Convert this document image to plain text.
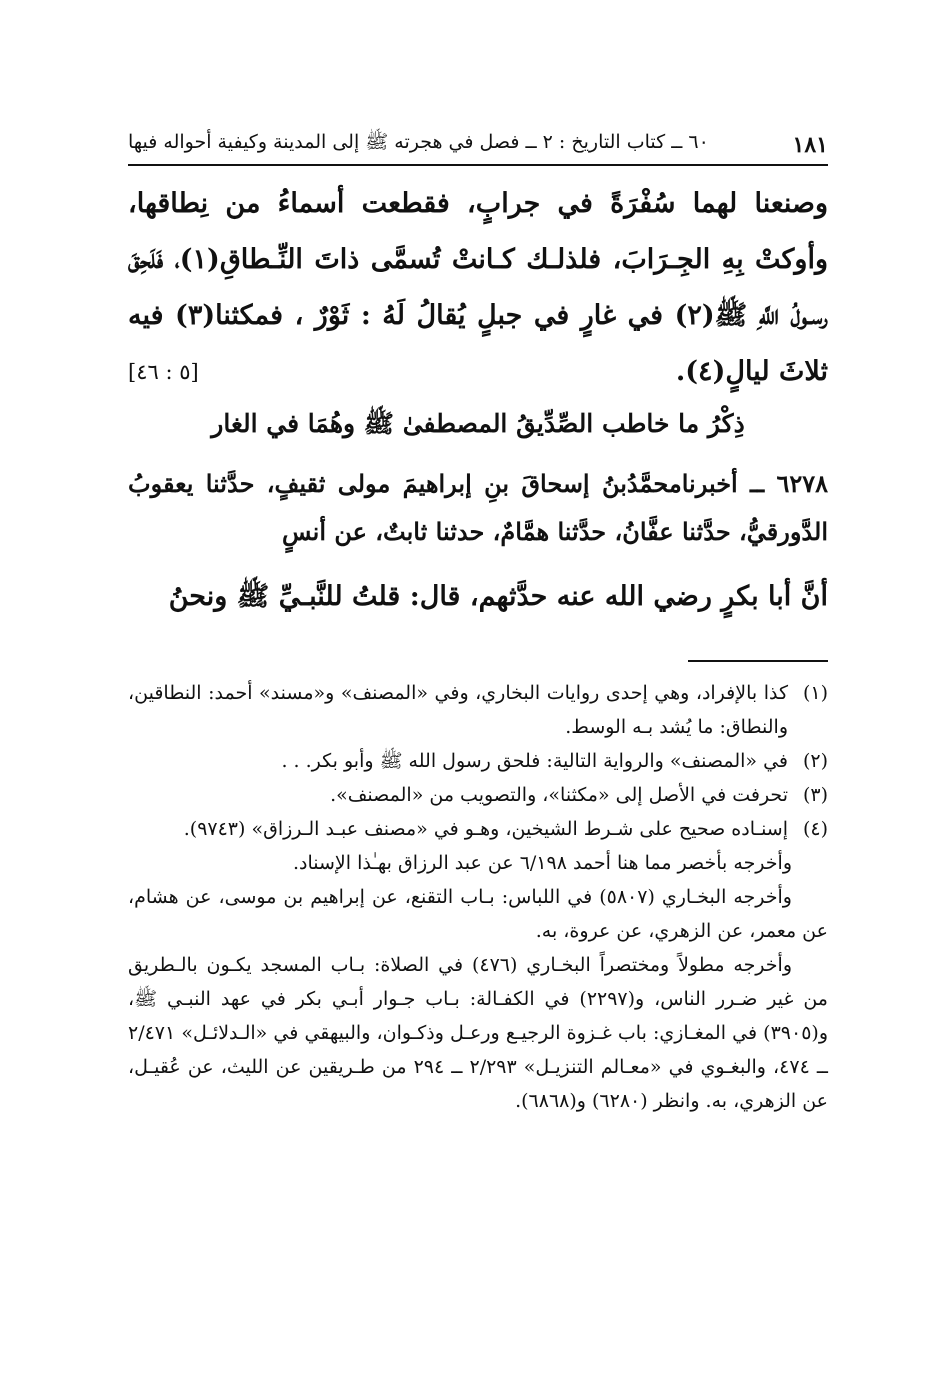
١٨١
٦٠ ــ كتاب التاريخ : ٢ ــ فصل في هجرته ﷺ إلى المدينة وكيفية أحواله فيها
وصنعنا لهما سُفْرَةً في جرابٍ، فقطعت أسماءُ من نِطاقها، وأوكتْ بِهِ الجِـرَابَ، فلذلـك كـانتْ تُسمَّى ذاتَ النِّـطاقِ(١)، فَلَحِقَ رسـولُ اللَّهِ ﷺ(٢) في غارٍ في جبلٍ يُقالُ لَهُ : ثَوْرٌ ، فمكثنا(٣) فيه ثلاثَ ليالٍ(٤).
[٥ : ٤٦]
ذِكْرُ ما خاطب الصِّدِّيقُ المصطفىٰ ﷺ وهُمَا في الغار
٦٢٧٨ ــ أخبرنامحمَّدُبنُ إسحاقَ بنِ إبراهيمَ مولى ثقيفٍ، حدَّثنا يعقوبُ الدَّورقيُّ، حدَّثنا عفَّانُ، حدَّثنا همَّامٌ، حدثنا ثابتٌ، عن أنسٍ
أنَّ أبا بكرٍ رضي الله عنه حدَّثهم، قال: قلتُ للنَّبـيِّ ﷺ ونحنُ
(١)
كذا بالإفراد، وهي إحدى روايات البخاري، وفي «المصنف» و«مسند» أحمد: النطاقين، والنطاق: ما يُشد بـه الوسط.
(٢)
في «المصنف» والرواية التالية: فلحق رسول الله ﷺ وأبو بكر. . .
(٣)
تحرفت في الأصل إلى «مكثنا»، والتصويب من «المصنف».
(٤)
إسنـاده صحيح على شـرط الشيخين، وهـو في «مصنف عبـد الـرزاق» (٩٧٤٣).
وأخرجه بأخصر مما هنا أحمد ٦/١٩٨ عن عبد الرزاق بهـٰذا الإسناد.
وأخرجه البخـاري (٥٨٠٧) في اللباس: بـاب التقنع، عن إبراهيم بن موسى، عن هشام، عن معمر، عن الزهري، عن عروة، به.
وأخرجه مطولاً ومختصراً البخـاري (٤٧٦) في الصلاة: بـاب المسجد يكـون بالـطريق من غير ضـرر الناس، و(٢٢٩٧) في الكفـالة: بـاب جـوار أبـي بكر في عهد النبـي ﷺ، و(٣٩٠٥) في المغـازي: باب غـزوة الرجيـع ورعـل وذكـوان، والبيهقي في «الـدلائـل» ٢/٤٧١ ــ ٤٧٤، والبغـوي في «معـالم التنزيـل» ٢/٢٩٣ ــ ٢٩٤ من طـريقين عن الليث، عن عُقيـل، عن الزهري، به. وانظر (٦٢٨٠) و(٦٨٦٨).
